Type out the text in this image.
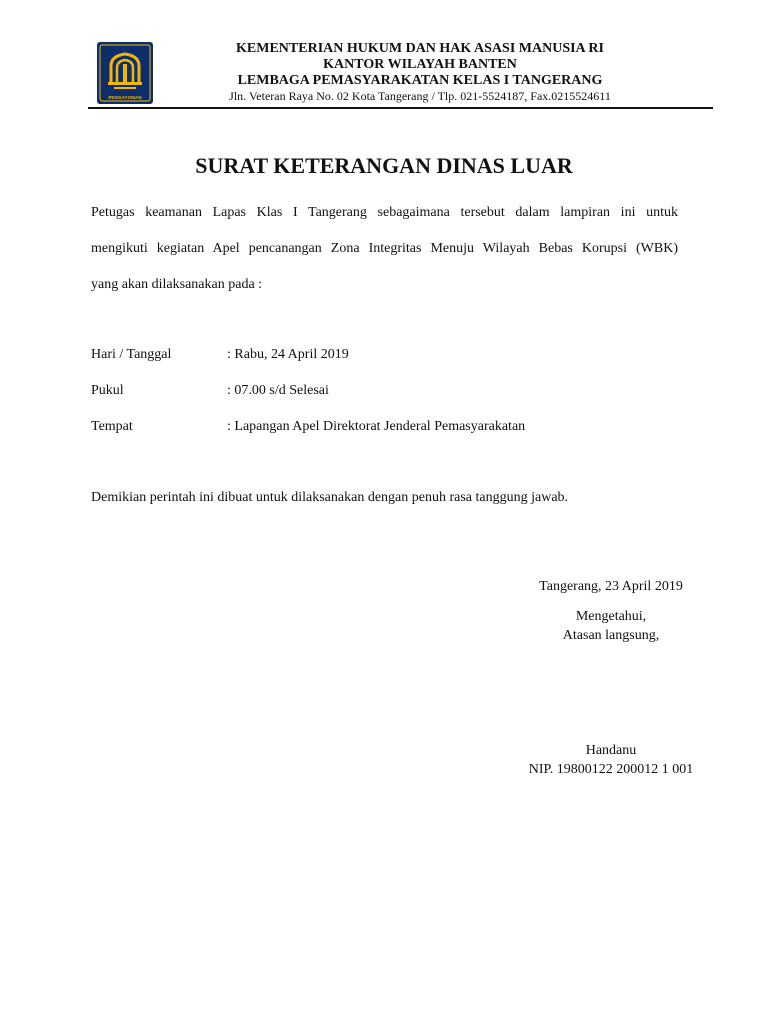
PENGAYOMAN
KEMENTERIAN HUKUM DAN HAK ASASI MANUSIA RI
KANTOR WILAYAH BANTEN
LEMBAGA PEMASYARAKATAN KELAS I TANGERANG
Jln. Veteran Raya No. 02 Kota Tangerang / Tlp. 021-5524187, Fax.0215524611
SURAT KETERANGAN DINAS LUAR
Petugas keamanan Lapas Klas I Tangerang sebagaimana tersebut dalam lampiran ini untuk
mengikuti kegiatan Apel pencanangan Zona Integritas Menuju Wilayah Bebas Korupsi (WBK)
yang akan dilaksanakan pada :
Hari / Tanggal	: Rabu, 24 April 2019
Pukul	: 07.00 s/d Selesai
Tempat	: Lapangan Apel Direktorat Jenderal Pemasyarakatan
Demikian perintah ini dibuat untuk dilaksanakan dengan penuh rasa tanggung jawab.
Tangerang, 23 April 2019
Mengetahui,
Atasan langsung,
Handanu
NIP. 19800122 200012 1 001
